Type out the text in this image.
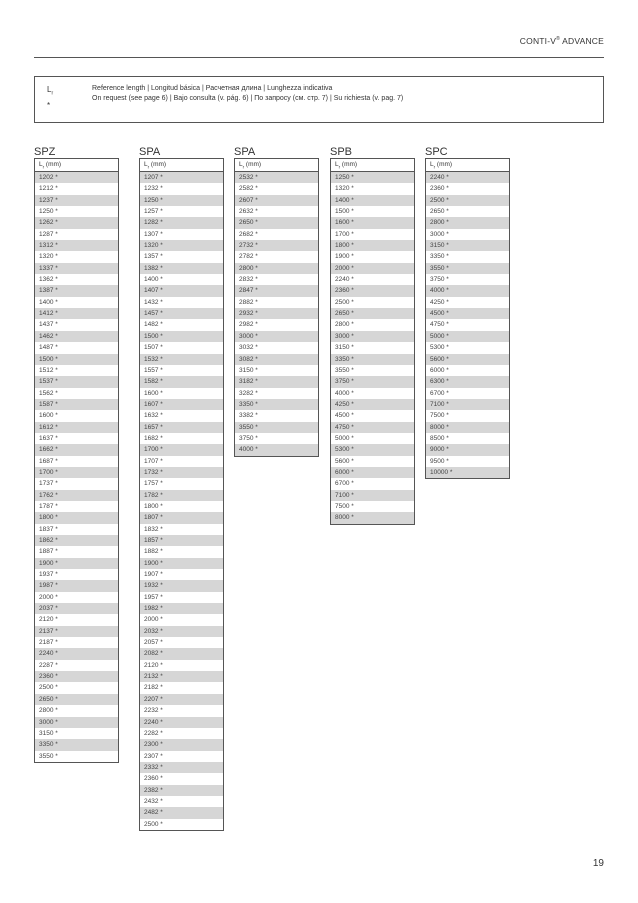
CONTI-V® ADVANCE
$L_r$
*
Reference length | Longitud básica | Расчетная длина | Lunghezza indicativa
On request (see page 6) | Bajo consulta (v. pág. 6) | По запросу (см. стр. 7) | Su richiesta (v. pag. 7)
SPZ
$L_r$ (mm)
1202 *
1212 *
1237 *
1250 *
1262 *
1287 *
1312 *
1320 *
1337 *
1362 *
1387 *
1400 *
1412 *
1437 *
1462 *
1487 *
1500 *
1512 *
1537 *
1562 *
1587 *
1600 *
1612 *
1637 *
1662 *
1687 *
1700 *
1737 *
1762 *
1787 *
1800 *
1837 *
1862 *
1887 *
1900 *
1937 *
1987 *
2000 *
2037 *
2120 *
2137 *
2187 *
2240 *
2287 *
2360 *
2500 *
2650 *
2800 *
3000 *
3150 *
3350 *
3550 *
SPA
$L_r$ (mm)
1207 *
1232 *
1250 *
1257 *
1282 *
1307 *
1320 *
1357 *
1382 *
1400 *
1407 *
1432 *
1457 *
1482 *
1500 *
1507 *
1532 *
1557 *
1582 *
1600 *
1607 *
1632 *
1657 *
1682 *
1700 *
1707 *
1732 *
1757 *
1782 *
1800 *
1807 *
1832 *
1857 *
1882 *
1900 *
1907 *
1932 *
1957 *
1982 *
2000 *
2032 *
2057 *
2082 *
2120 *
2132 *
2182 *
2207 *
2232 *
2240 *
2282 *
2300 *
2307 *
2332 *
2360 *
2382 *
2432 *
2482 *
2500 *
SPA
$L_r$ (mm)
2532 *
2582 *
2607 *
2632 *
2650 *
2682 *
2732 *
2782 *
2800 *
2832 *
2847 *
2882 *
2932 *
2982 *
3000 *
3032 *
3082 *
3150 *
3182 *
3282 *
3350 *
3382 *
3550 *
3750 *
4000 *
SPB
$L_r$ (mm)
1250 *
1320 *
1400 *
1500 *
1600 *
1700 *
1800 *
1900 *
2000 *
2240 *
2360 *
2500 *
2650 *
2800 *
3000 *
3150 *
3350 *
3550 *
3750 *
4000 *
4250 *
4500 *
4750 *
5000 *
5300 *
5600 *
6000 *
6700 *
7100 *
7500 *
8000 *
SPC
$L_r$ (mm)
2240 *
2360 *
2500 *
2650 *
2800 *
3000 *
3150 *
3350 *
3550 *
3750 *
4000 *
4250 *
4500 *
4750 *
5000 *
5300 *
5600 *
6000 *
6300 *
6700 *
7100 *
7500 *
8000 *
8500 *
9000 *
9500 *
10000 *
19
